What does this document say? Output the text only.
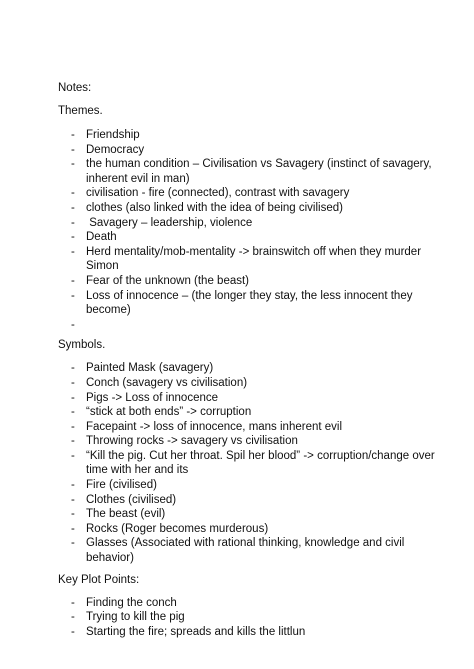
Notes:
Themes.
- Friendship
- Democracy
- the human condition – Civilisation vs Savagery (instinct of savagery, inherent evil in man)
- civilisation - fire (connected), contrast with savagery
- clothes (also linked with the idea of being civilised)
- Savagery – leadership, violence
- Death
- Herd mentality/mob-mentality -> brainswitch off when they murder Simon
- Fear of the unknown (the beast)
- Loss of innocence – (the longer they stay, the less innocent they become)
-
Symbols.
- Painted Mask (savagery)
- Conch (savagery vs civilisation)
- Pigs -> Loss of innocence
- “stick at both ends” -> corruption
- Facepaint -> loss of innocence, mans inherent evil
- Throwing rocks -> savagery vs civilisation
- “Kill the pig. Cut her throat. Spil her blood” -> corruption/change over time with her and its
- Fire (civilised)
- Clothes (civilised)
- The beast (evil)
- Rocks (Roger becomes murderous)
- Glasses (Associated with rational thinking, knowledge and civil behavior)
Key Plot Points:
- Finding the conch
- Trying to kill the pig
- Starting the fire; spreads and kills the littlun
